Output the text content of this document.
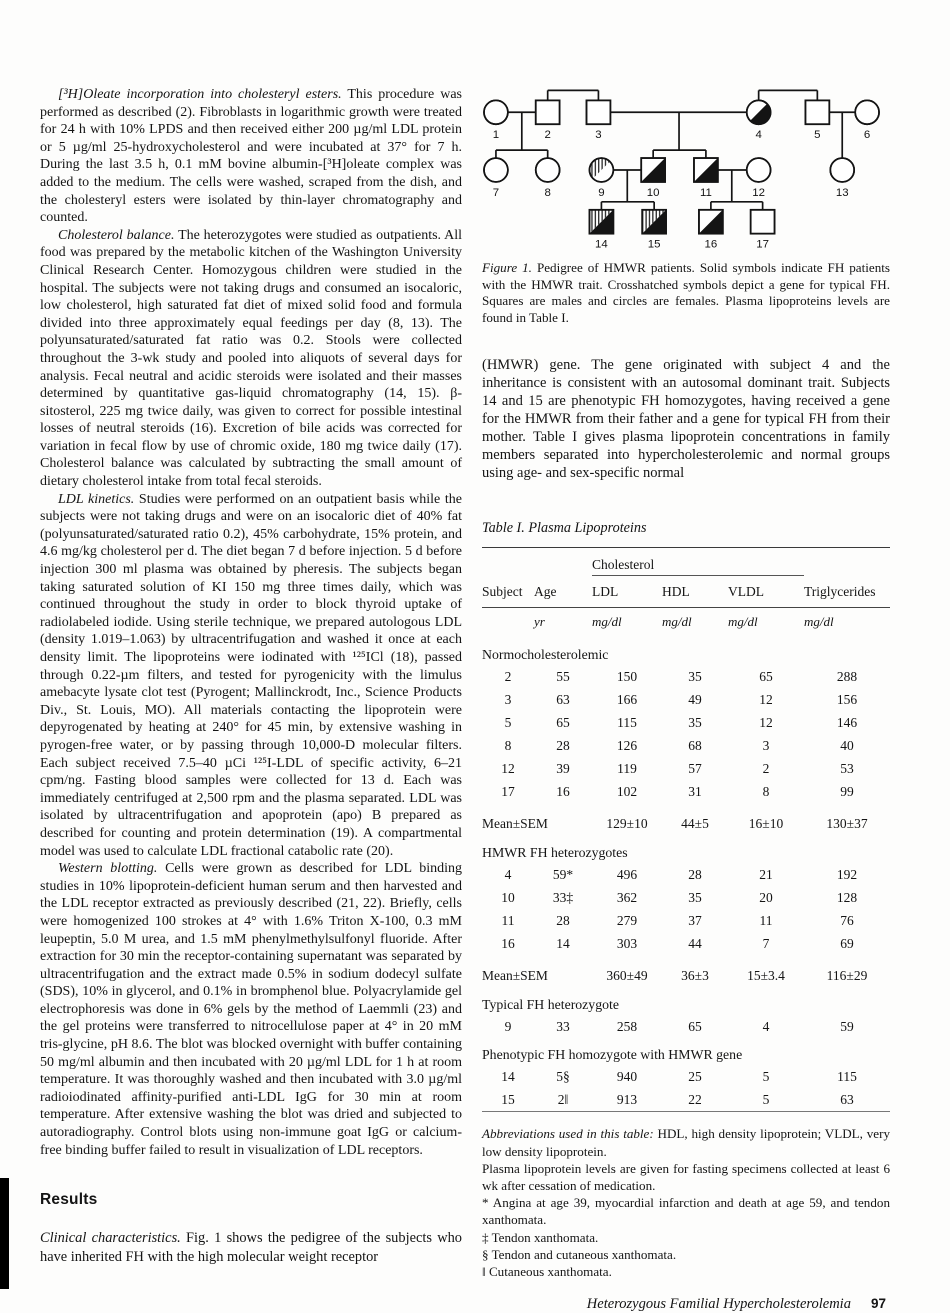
[³H]Oleate incorporation into cholesteryl esters. This procedure was performed as described (2). Fibroblasts in logarithmic growth were treated for 24 h with 10% LPDS and then received either 200 µg/ml LDL protein or 5 µg/ml 25-hydroxycholesterol and were incubated at 37° for 7 h. During the last 3.5 h, 0.1 mM bovine albumin-[³H]oleate complex was added to the medium. The cells were washed, scraped from the dish, and the cholesteryl esters were isolated by thin-layer chromatography and counted.

Cholesterol balance. The heterozygotes were studied as outpatients. All food was prepared by the metabolic kitchen of the Washington University Clinical Research Center. Homozygous children were studied in the hospital. The subjects were not taking drugs and consumed an isocaloric, low cholesterol, high saturated fat diet of mixed solid food and formula divided into three approximately equal feedings per day (8, 13). The polyunsaturated/saturated fat ratio was 0.2. Stools were collected throughout the 3-wk study and pooled into aliquots of several days for analysis. Fecal neutral and acidic steroids were isolated and their masses determined by quantitative gas-liquid chromatography (14, 15). β-sitosterol, 225 mg twice daily, was given to correct for possible intestinal losses of neutral steroids (16). Excretion of bile acids was corrected for variation in fecal flow by use of chromic oxide, 180 mg twice daily (17). Cholesterol balance was calculated by subtracting the small amount of dietary cholesterol intake from total fecal steroids.

LDL kinetics. Studies were performed on an outpatient basis while the subjects were not taking drugs and were on an isocaloric diet of 40% fat (polyunsaturated/saturated ratio 0.2), 45% carbohydrate, 15% protein, and 4.6 mg/kg cholesterol per d. The diet began 7 d before injection. 5 d before injection 300 ml plasma was obtained by pheresis. The subjects began taking saturated solution of KI 150 mg three times daily, which was continued throughout the study in order to block thyroid uptake of radiolabeled iodide. Using sterile technique, we prepared autologous LDL (density 1.019–1.063) by ultracentrifugation and washed it once at each density limit. The lipoproteins were iodinated with ¹²⁵ICl (18), passed through 0.22-µm filters, and tested for pyrogenicity with the limulus amebacyte lysate clot test (Pyrogent; Mallinckrodt, Inc., Science Products Div., St. Louis, MO). All materials contacting the lipoprotein were depyrogenated by heating at 240° for 45 min, by extensive washing in pyrogen-free water, or by passing through 10,000-D molecular filters. Each subject received 7.5–40 µCi ¹²⁵I-LDL of specific activity, 6–21 cpm/ng. Fasting blood samples were collected for 13 d. Each was immediately centrifuged at 2,500 rpm and the plasma separated. LDL was isolated by ultracentrifugation and apoprotein (apo) B prepared as described for counting and protein determination (19). A compartmental model was used to calculate LDL fractional catabolic rate (20).

Western blotting. Cells were grown as described for LDL binding studies in 10% lipoprotein-deficient human serum and then harvested and the LDL receptor extracted as previously described (21, 22). Briefly, cells were homogenized 100 strokes at 4° with 1.6% Triton X-100, 0.3 mM leupeptin, 5.0 M urea, and 1.5 mM phenylmethylsulfonyl fluoride. After extraction for 30 min the receptor-containing supernatant was separated by ultracentrifugation and the extract made 0.5% in sodium dodecyl sulfate (SDS), 10% in glycerol, and 0.1% in bromphenol blue. Polyacrylamide gel electrophoresis was done in 6% gels by the method of Laemmli (23) and the gel proteins were transferred to nitrocellulose paper at 4° in 20 mM tris-glycine, pH 8.6. The blot was blocked overnight with buffer containing 50 mg/ml albumin and then incubated with 20 µg/ml LDL for 1 h at room temperature. It was thoroughly washed and then incubated with 3.0 µg/ml radioiodinated affinity-purified anti-LDL IgG for 30 min at room temperature. After extensive washing the blot was dried and subjected to autoradiography. Control blots using non-immune goat IgG or calcium-free binding buffer failed to result in visualization of LDL receptors.

Results

Clinical characteristics. Fig. 1 shows the pedigree of the subjects who have inherited FH with the high molecular weight receptor

1	2	3	4	5	6
7	8	9	10	11	12	13
14	15	16	17

Figure 1. Pedigree of HMWR patients. Solid symbols indicate FH patients with the HMWR trait. Crosshatched symbols depict a gene for typical FH. Squares are males and circles are females. Plasma lipoproteins levels are found in Table I.

(HMWR) gene. The gene originated with subject 4 and the inheritance is consistent with an autosomal dominant trait. Subjects 14 and 15 are phenotypic FH homozygotes, having received a gene for the HMWR from their father and a gene for typical FH from their mother. Table I gives plasma lipoprotein concentrations in family members separated into hypercholesterolemic and normal groups using age- and sex-specific normal

Table I. Plasma Lipoproteins

		Cholesterol			
Subject	Age	LDL	HDL	VLDL	Triglycerides
	yr	mg/dl	mg/dl	mg/dl	mg/dl
Normocholesterolemic					
2	55	150	35	65	288
3	63	166	49	12	156
5	65	115	35	12	146
8	28	126	68	3	40
12	39	119	57	2	53
17	16	102	31	8	99
Mean±SEM		129±10	44±5	16±10	130±37
HMWR FH heterozygotes					
4	59*	496	28	21	192
10	33‡	362	35	20	128
11	28	279	37	11	76
16	14	303	44	7	69
Mean±SEM		360±49	36±3	15±3.4	116±29
Typical FH heterozygote					
9	33	258	65	4	59
Phenotypic FH homozygote with HMWR gene					
14	5§	940	25	5	115
15	2‖	913	22	5	63

Abbreviations used in this table: HDL, high density lipoprotein; VLDL, very low density lipoprotein.

Plasma lipoprotein levels are given for fasting specimens collected at least 6 wk after cessation of medication.

* Angina at age 39, myocardial infarction and death at age 59, and tendon xanthomata.

‡ Tendon xanthomata.

§ Tendon and cutaneous xanthomata.

‖ Cutaneous xanthomata.

Heterozygous Familial Hypercholesterolemia 97
